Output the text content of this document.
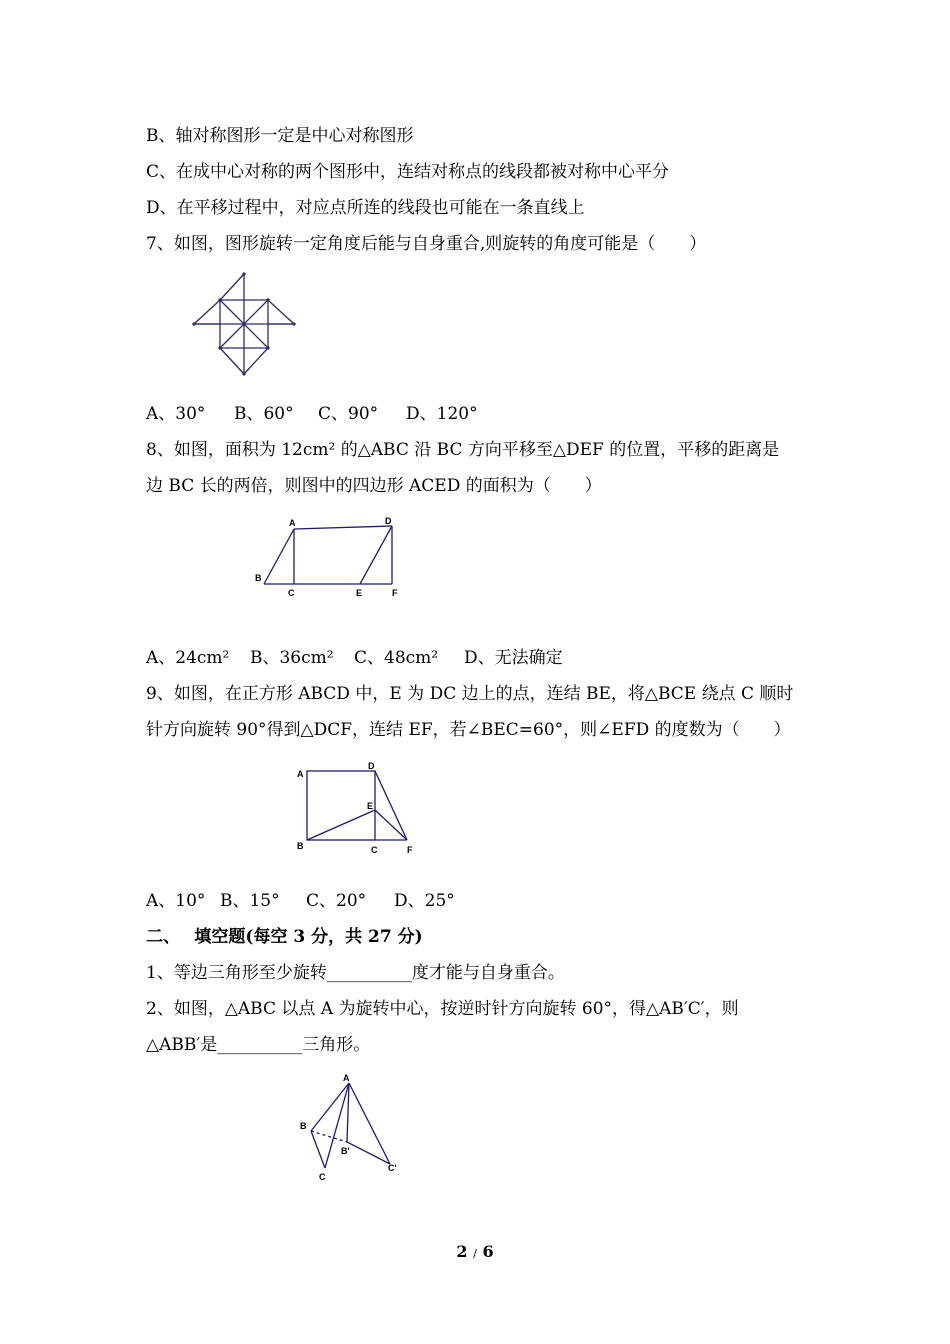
B、轴对称图形一定是中心对称图形
C、在成中心对称的两个图形中，连结对称点的线段都被对称中心平分
D、在平移过程中，对应点所连的线段也可能在一条直线上
7、如图，图形旋转一定角度后能与自身重合,则旋转的角度可能是（　　）
A、30° B、60° C、90° D、120°
8、如图，面积为 12cm² 的△ABC 沿 BC 方向平移至△DEF 的位置，平移的距离是
边 BC 长的两倍，则图中的四边形 ACED 的面积为（　　）
A	D
B
C	E	F
A、24cm² B、36cm² C、48cm² D、无法确定
9、如图，在正方形 ABCD 中，E 为 DC 边上的点，连结 BE，将△BCE 绕点 C 顺时
针方向旋转 90°得到△DCF，连结 EF，若∠BEC=60°，则∠EFD 的度数为（　　）
A
D
E
B	C	F
A、10° B、15° C、20° D、25°
二、　 填空题(每空 3 分，共 27 分)
1、等边三角形至少旋转__________度才能与自身重合。
2、如图，△ABC 以点 A 为旋转中心，按逆时针方向旋转 60°，得△AB′C′，则
△ABB′是__________三角形。
A
B
B'
C
C'
2 / 6
